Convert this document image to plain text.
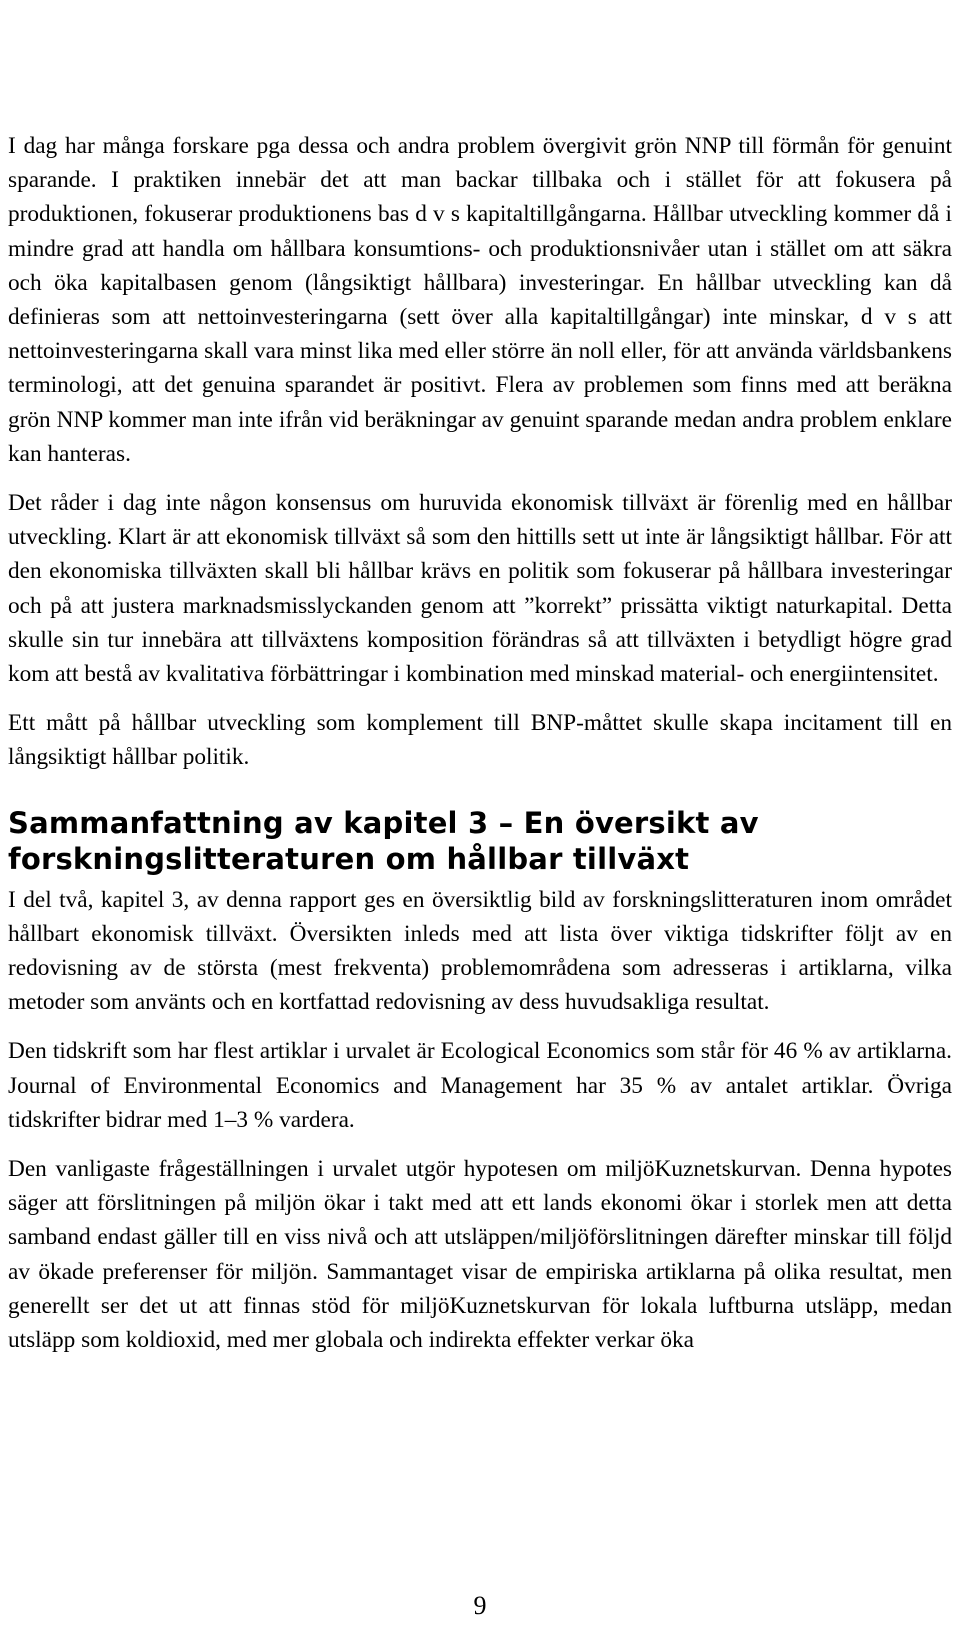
I dag har många forskare pga dessa och andra problem övergivit grön NNP till förmån för genuint sparande. I praktiken innebär det att man backar tillbaka och i stället för att fokusera på produktionen, fokuserar produktionens bas d v s kapitaltillgångarna. Hållbar utveckling kommer då i mindre grad att handla om hållbara konsumtions- och produktionsnivåer utan i stället om att säkra och öka kapitalbasen genom (långsiktigt hållbara) investeringar. En hållbar utveckling kan då definieras som att nettoinvesteringarna (sett över alla kapitaltillgångar) inte minskar, d v s att nettoinvesteringarna skall vara minst lika med eller större än noll eller, för att använda världsbankens terminologi, att det genuina sparandet är positivt. Flera av problemen som finns med att beräkna grön NNP kommer man inte ifrån vid beräkningar av genuint sparande medan andra problem enklare kan hanteras.

Det råder i dag inte någon konsensus om huruvida ekonomisk tillväxt är förenlig med en hållbar utveckling. Klart är att ekonomisk tillväxt så som den hittills sett ut inte är långsiktigt hållbar. För att den ekonomiska tillväxten skall bli hållbar krävs en politik som fokuserar på hållbara investeringar och på att justera marknadsmisslyckanden genom att ”korrekt” prissätta viktigt naturkapital. Detta skulle sin tur innebära att tillväxtens komposition förändras så att tillväxten i betydligt högre grad kom att bestå av kvalitativa förbättringar i kombination med minskad material- och energiintensitet.

Ett mått på hållbar utveckling som komplement till BNP-måttet skulle skapa incitament till en långsiktigt hållbar politik.

Sammanfattning av kapitel 3 – En översikt av forskningslitteraturen om hållbar tillväxt

I del två, kapitel 3, av denna rapport ges en översiktlig bild av forskningslitteraturen inom området hållbart ekonomisk tillväxt. Översikten inleds med att lista över viktiga tidskrifter följt av en redovisning av de största (mest frekventa) problemområdena som adresseras i artiklarna, vilka metoder som använts och en kortfattad redovisning av dess huvudsakliga resultat.

Den tidskrift som har flest artiklar i urvalet är Ecological Economics som står för 46 % av artiklarna. Journal of Environmental Economics and Management har 35 % av antalet artiklar. Övriga tidskrifter bidrar med 1–3 % vardera.

Den vanligaste frågeställningen i urvalet utgör hypotesen om miljöKuznetskurvan. Denna hypotes säger att förslitningen på miljön ökar i takt med att ett lands ekonomi ökar i storlek men att detta samband endast gäller till en viss nivå och att utsläppen/miljöförslitningen därefter minskar till följd av ökade preferenser för miljön. Sammantaget visar de empiriska artiklarna på olika resultat, men generellt ser det ut att finnas stöd för miljöKuznetskurvan för lokala luftburna utsläpp, medan utsläpp som koldioxid, med mer globala och indirekta effekter verkar öka

9
